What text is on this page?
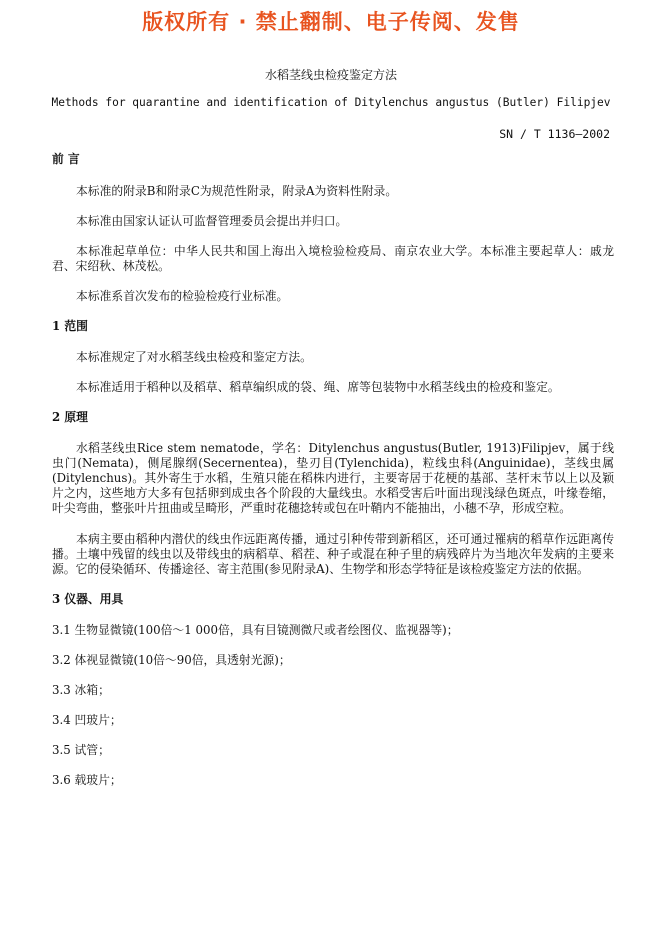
版权所有 · 禁止翻制、电子传阅、发售
水稻茎线虫检疫鉴定方法
Methods for quarantine and identification of Ditylenchus angustus (Butler) Filipjev
SN / T 1136—2002

前 言

本标准的附录B和附录C为规范性附录，附录A为资料性附录。

本标准由国家认证认可监督管理委员会提出并归口。

本标准起草单位：中华人民共和国上海出入境检验检疫局、南京农业大学。本标准主要起草人：戚龙君、宋绍秋、林茂松。

本标准系首次发布的检验检疫行业标准。

1 范围

本标准规定了对水稻茎线虫检疫和鉴定方法。

本标准适用于稻种以及稻草、稻草编织成的袋、绳、席等包装物中水稻茎线虫的检疫和鉴定。

2 原理

水稻茎线虫Rice stem nematode，学名：Ditylenchus angustus(Butler, 1913)Filipjev，属于线虫门(Nemata)，侧尾腺纲(Secernentea)，垫刃目(Tylenchida)，粒线虫科(Anguinidae)，茎线虫属(Ditylenchus)。其外寄生于水稻，生殖只能在稻株内进行，主要寄居于花梗的基部、茎杆末节以上以及颖片之内，这些地方大多有包括卵到成虫各个阶段的大量线虫。水稻受害后叶面出现浅绿色斑点，叶缘卷缩，叶尖弯曲，整张叶片扭曲或呈畸形，严重时花穗捻转或包在叶鞘内不能抽出，小穗不孕，形成空粒。

本病主要由稻种内潜伏的线虫作远距离传播，通过引种传带到新稻区，还可通过罹病的稻草作远距离传播。土壤中残留的线虫以及带线虫的病稻草、稻茬、种子或混在种子里的病残碎片为当地次年发病的主要来源。它的侵染循环、传播途径、寄主范围(参见附录A)、生物学和形态学特征是该检疫鉴定方法的依据。

3 仪器、用具

3.1 生物显微镜(100倍～1 000倍，具有目镜测微尺或者绘图仪、监视器等)；

3.2 体视显微镜(10倍～90倍，具透射光源)；

3.3 冰箱；

3.4 凹玻片；

3.5 试管；

3.6 载玻片；
